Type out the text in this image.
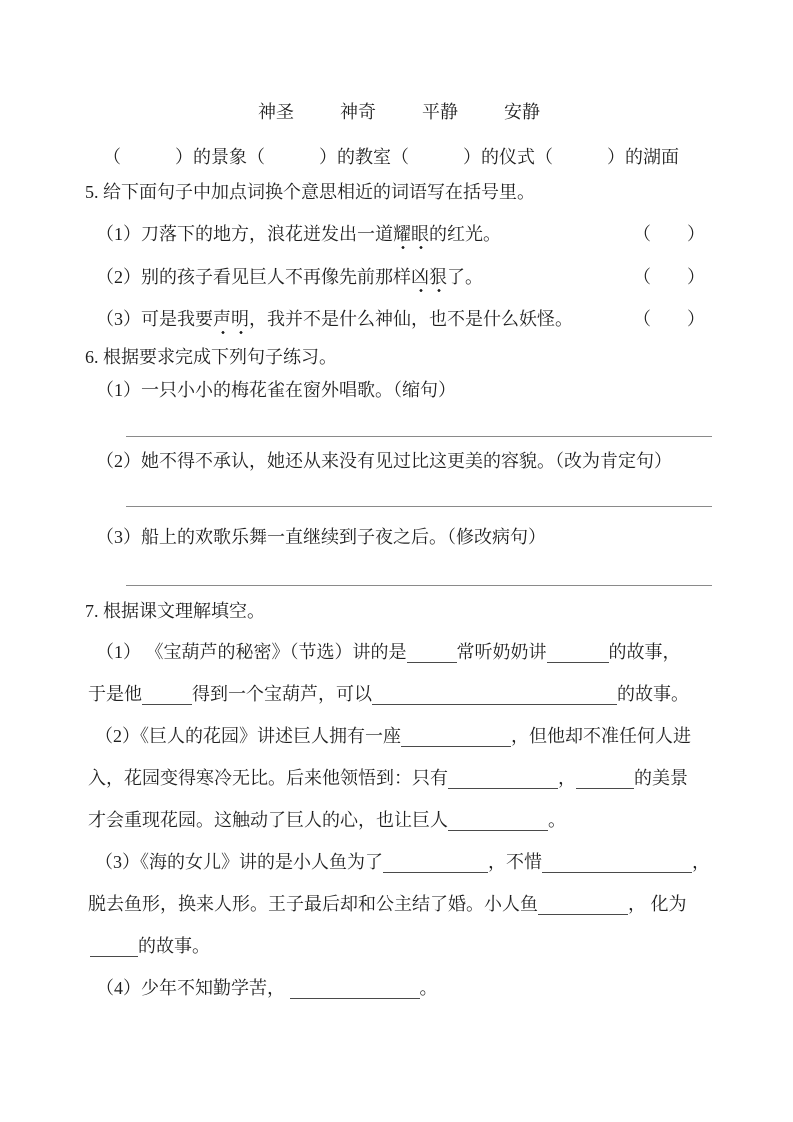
神圣	神奇	平静	安静
（　　　）的景象（　　　）的教室（　　　）的仪式（　　　）的湖面
5. 给下面句子中加点词换个意思相近的词语写在括号里。
（1）刀落下的地方，浪花迸发出一道耀眼的红光。	（　　）
（2）别的孩子看见巨人不再像先前那样凶狠了。	（　　）
（3）可是我要声明，我并不是什么神仙，也不是什么妖怪。	（　　）
6. 根据要求完成下列句子练习。
（1）一只小小的梅花雀在窗外唱歌。（缩句）
（2）她不得不承认，她还从来没有见过比这更美的容貌。（改为肯定句）
（3）船上的欢歌乐舞一直继续到子夜之后。（修改病句）
7. 根据课文理解填空。
（1） 《宝葫芦的秘密》（节选）讲的是	常听奶奶讲	的故事，
于是他	得到一个宝葫芦，可以	的故事。
（2）《巨人的花园》讲述巨人拥有一座	，但他却不准任何人进
入，花园变得寒冷无比。后来他领悟到：只有	，	的美景
才会重现花园。这触动了巨人的心，也让巨人	。
（3）《海的女儿》讲的是小人鱼为了	，不惜	，
脱去鱼形，换来人形。王子最后却和公主结了婚。小人鱼	， 化为
的故事。
（4）少年不知勤学苦，	。
